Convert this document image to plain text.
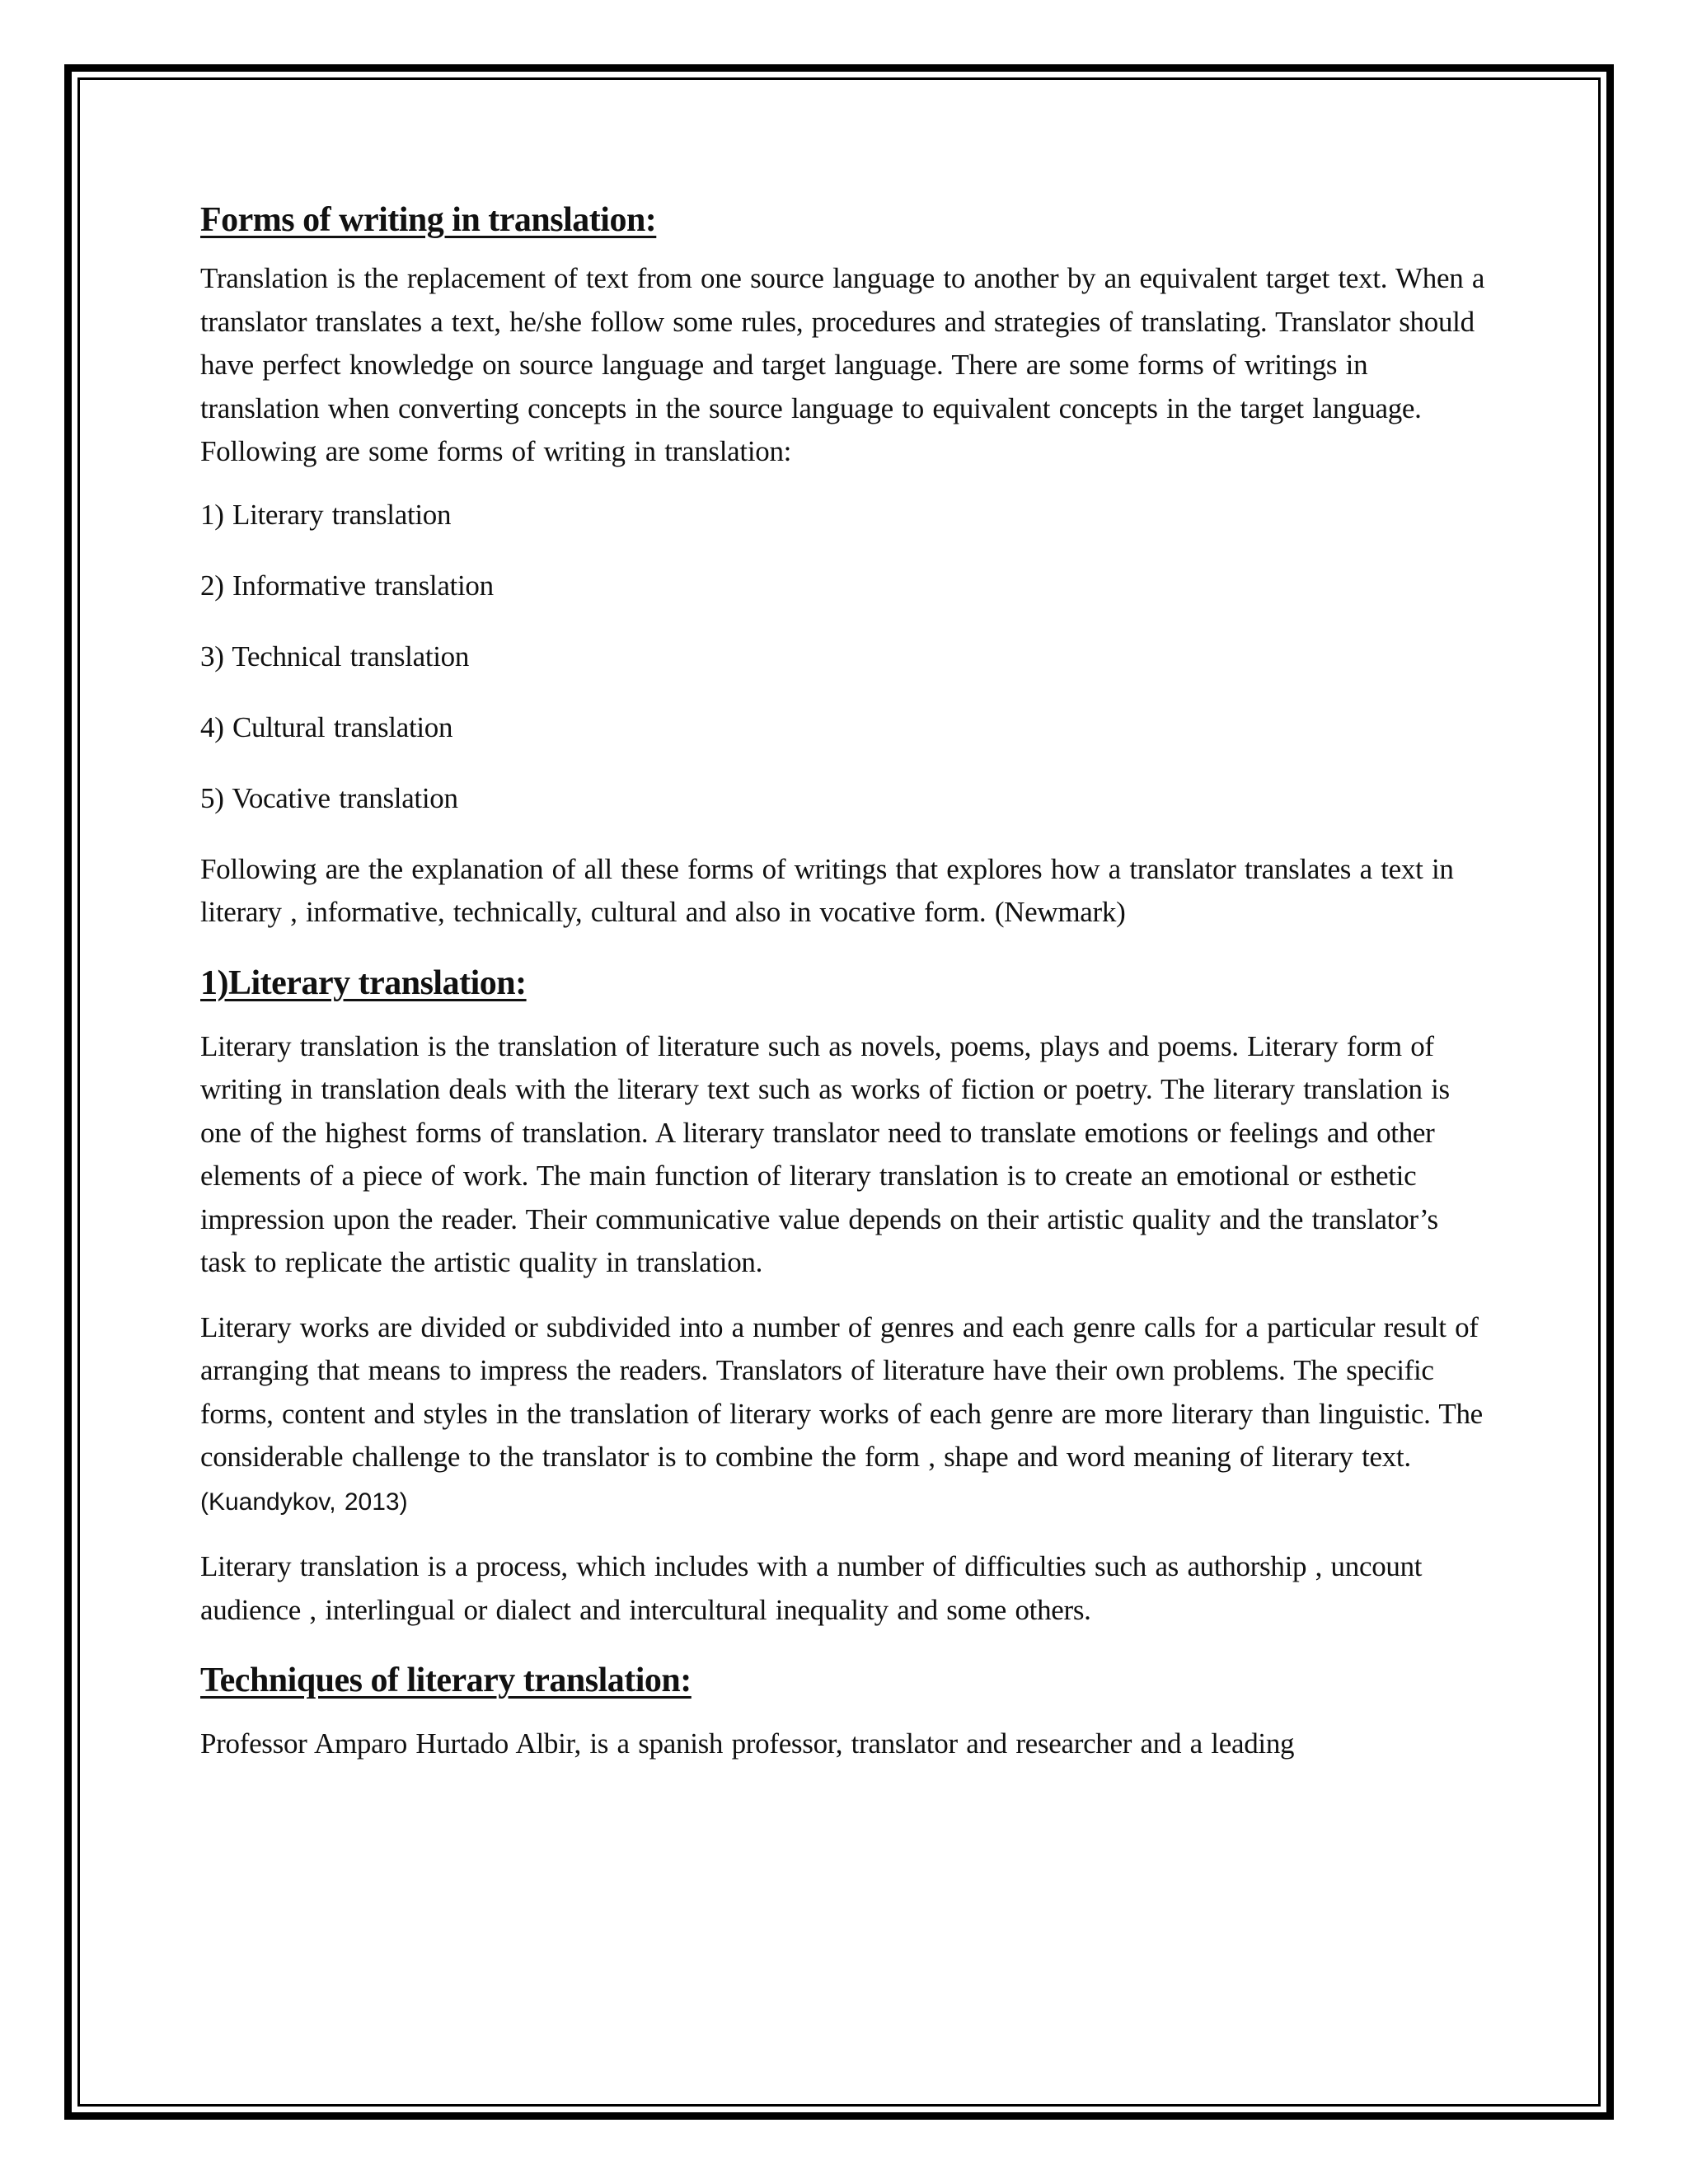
Forms of writing in translation:

Translation is the replacement of text from one source language to another by an equivalent target text. When a translator translates a text, he/she follow some rules, procedures and strategies of translating. Translator should have perfect knowledge on source language and target language. There are some forms of writings in translation when converting concepts in the source language to equivalent concepts in the target language. Following are some forms of writing in translation:

1) Literary translation

2) Informative translation

3) Technical translation

4) Cultural translation

5) Vocative translation

Following are the explanation of all these forms of writings that explores how a translator translates a text in literary , informative, technically, cultural and also in vocative form. (Newmark)

1)Literary translation:

Literary translation is the translation of literature such as novels, poems, plays and poems. Literary form of writing in translation deals with the literary text such as works of fiction or poetry. The literary translation is one of the highest forms of translation. A literary translator need to translate emotions or feelings and other elements of a piece of work. The main function of literary translation is to create an emotional or esthetic impression upon the reader. Their communicative value depends on their artistic quality and the translator’s task to replicate the artistic quality in translation.

Literary works are divided or subdivided into a number of genres and each genre calls for a particular result of arranging that means to impress the readers. Translators of literature have their own problems. The specific forms, content and styles in the translation of literary works of each genre are more literary than linguistic. The considerable challenge to the translator is to combine the form , shape and word meaning of literary text.(Kuandykov, 2013)

Literary translation is a process, which includes with a number of difficulties such as authorship , uncount audience , interlingual or dialect and intercultural inequality and some others.

Techniques of literary translation:

Professor Amparo Hurtado Albir, is a spanish professor, translator and researcher and a leading
